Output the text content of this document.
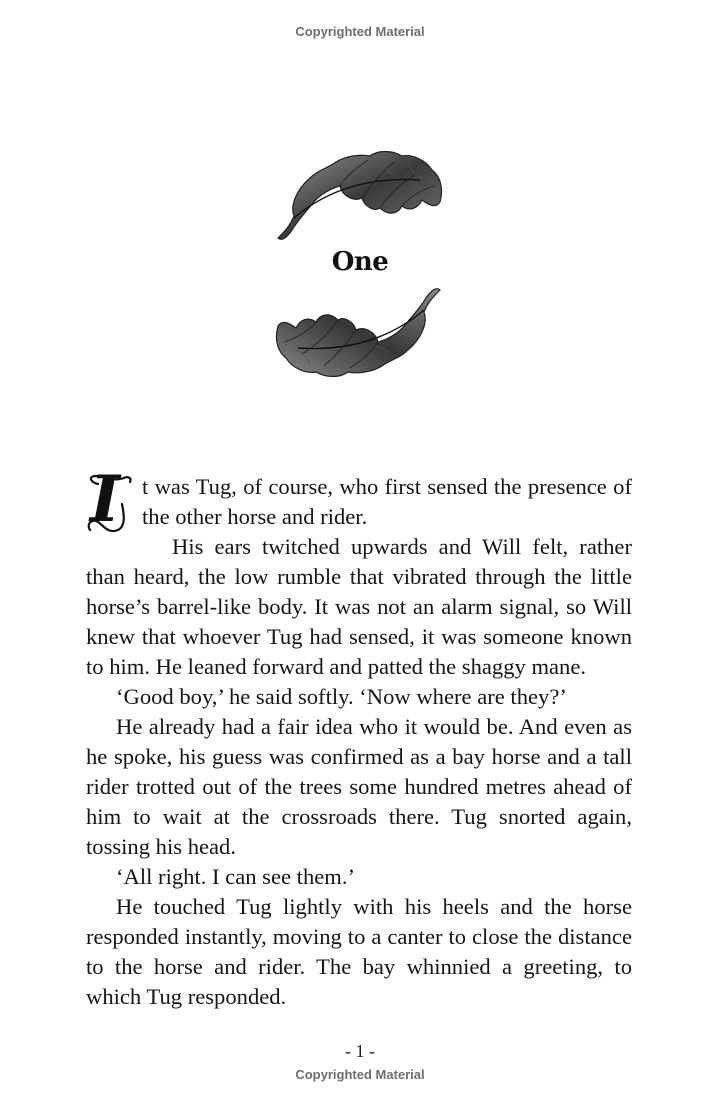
Copyrighted Material
One

I t was Tug, of course, who first sensed the presence of the other horse and rider.

His ears twitched upwards and Will felt, rather than heard, the low rumble that vibrated through the little horse’s barrel-like body. It was not an alarm signal, so Will knew that whoever Tug had sensed, it was someone known to him. He leaned forward and patted the shaggy mane.

‘Good boy,’ he said softly. ‘Now where are they?’

He already had a fair idea who it would be. And even as he spoke, his guess was confirmed as a bay horse and a tall rider trotted out of the trees some hundred metres ahead of him to wait at the crossroads there. Tug snorted again, tossing his head.

‘All right. I can see them.’

He touched Tug lightly with his heels and the horse responded instantly, moving to a canter to close the distance to the horse and rider. The bay whinnied a greeting, to which Tug responded.

- 1 -
Copyrighted Material
